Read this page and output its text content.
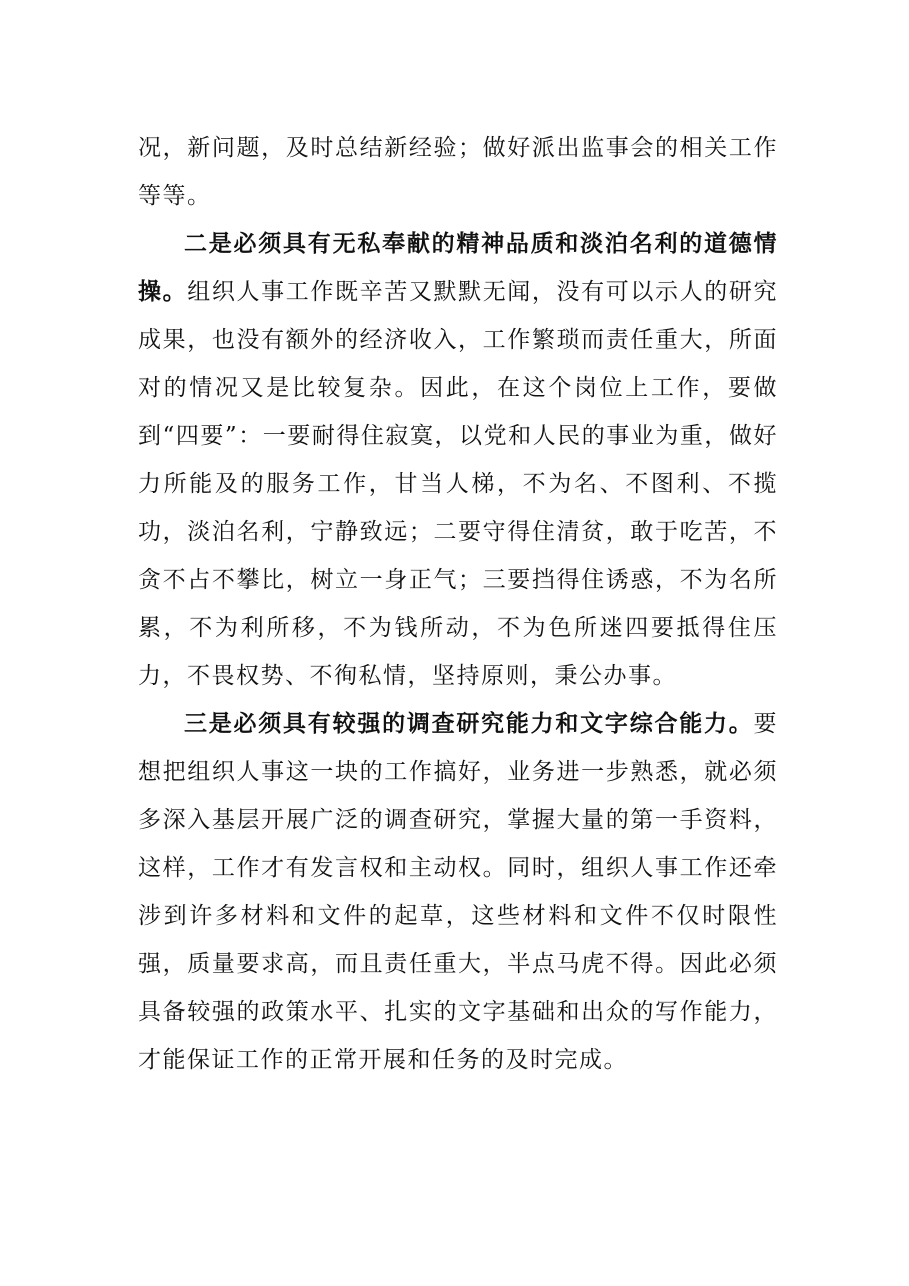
况，新问题，及时总结新经验；做好派出监事会的相关工作等等。

二是必须具有无私奉献的精神品质和淡泊名利的道德情操。组织人事工作既辛苦又默默无闻，没有可以示人的研究成果，也没有额外的经济收入，工作繁琐而责任重大，所面对的情况又是比较复杂。因此，在这个岗位上工作，要做到“四要”：一要耐得住寂寞，以党和人民的事业为重，做好力所能及的服务工作，甘当人梯，不为名、不图利、不揽功，淡泊名利，宁静致远；二要守得住清贫，敢于吃苦，不贪不占不攀比，树立一身正气；三要挡得住诱惑，不为名所累，不为利所移，不为钱所动，不为色所迷四要抵得住压力，不畏权势、不徇私情，坚持原则，秉公办事。

三是必须具有较强的调查研究能力和文字综合能力。要想把组织人事这一块的工作搞好，业务进一步熟悉，就必须多深入基层开展广泛的调查研究，掌握大量的第一手资料，这样，工作才有发言权和主动权。同时，组织人事工作还牵涉到许多材料和文件的起草，这些材料和文件不仅时限性强，质量要求高，而且责任重大，半点马虎不得。因此必须具备较强的政策水平、扎实的文字基础和出众的写作能力，才能保证工作的正常开展和任务的及时完成。
